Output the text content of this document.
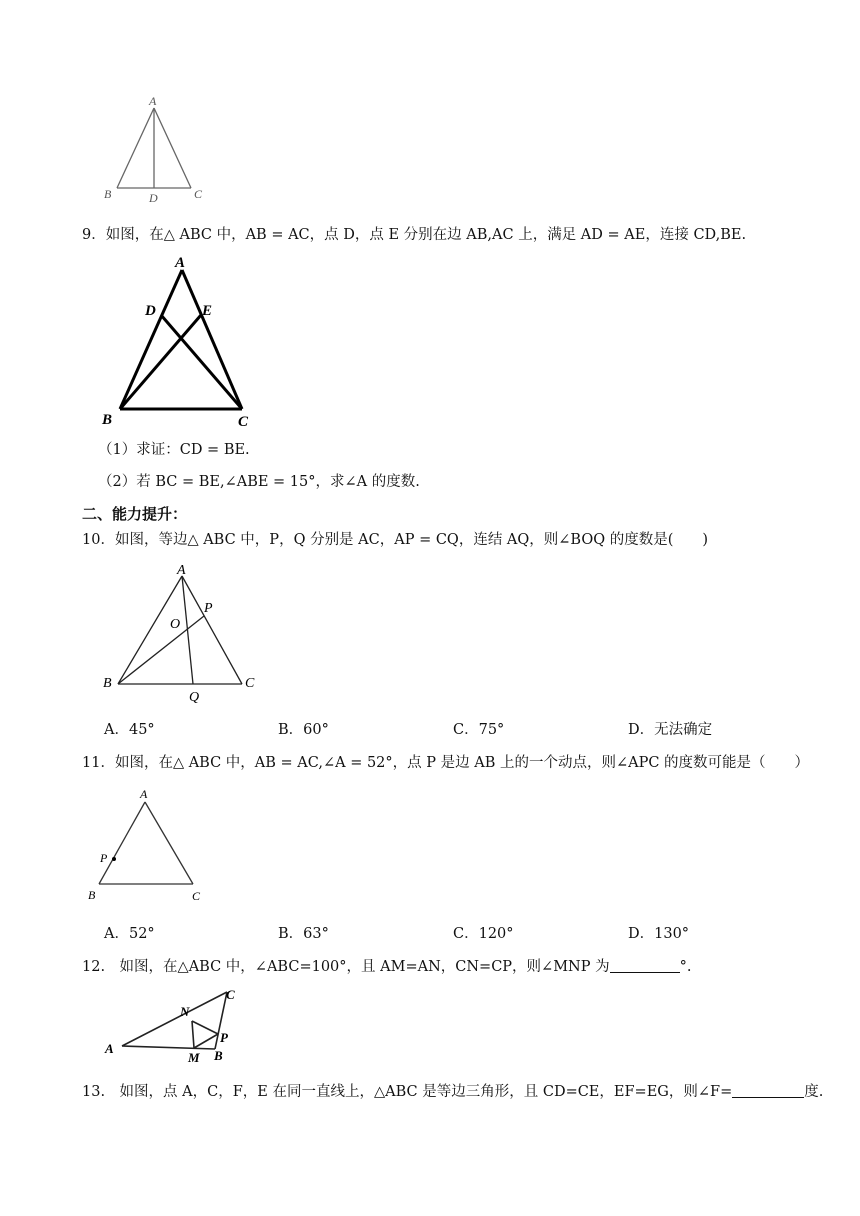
A
B	C
D
9．如图，在△ ABC 中，AB = AC，点 D，点 E 分别在边 AB,AC 上，满足 AD = AE，连接 CD,BE.
A
D	E
B	C
（1）求证：CD = BE.
（2）若 BC = BE,∠ABE = 15°，求∠A 的度数.
二、能力提升：
10．如图，等边△ ABC 中，P，Q 分别是 AC，AP = CQ，连结 AQ，则∠BOQ 的度数是(　　)
A
O
P
B	C
Q
A．45°	B．60°	C．75°	D．无法确定
11．如图，在△ ABC 中，AB = AC,∠A = 52°，点 P 是边 AB 上的一个动点，则∠APC 的度数可能是（　　）
A
P
B	C
A．52°	B．63°	C．120°	D．130°
12.　如图，在△ABC 中，∠ABC=100°，且 AM=AN，CN=CP，则∠MNP 为	°.
A
N
C
P
M B
13.　如图，点 A，C，F，E 在同一直线上，△ABC 是等边三角形，且 CD=CE，EF=EG，则∠F=	度.
